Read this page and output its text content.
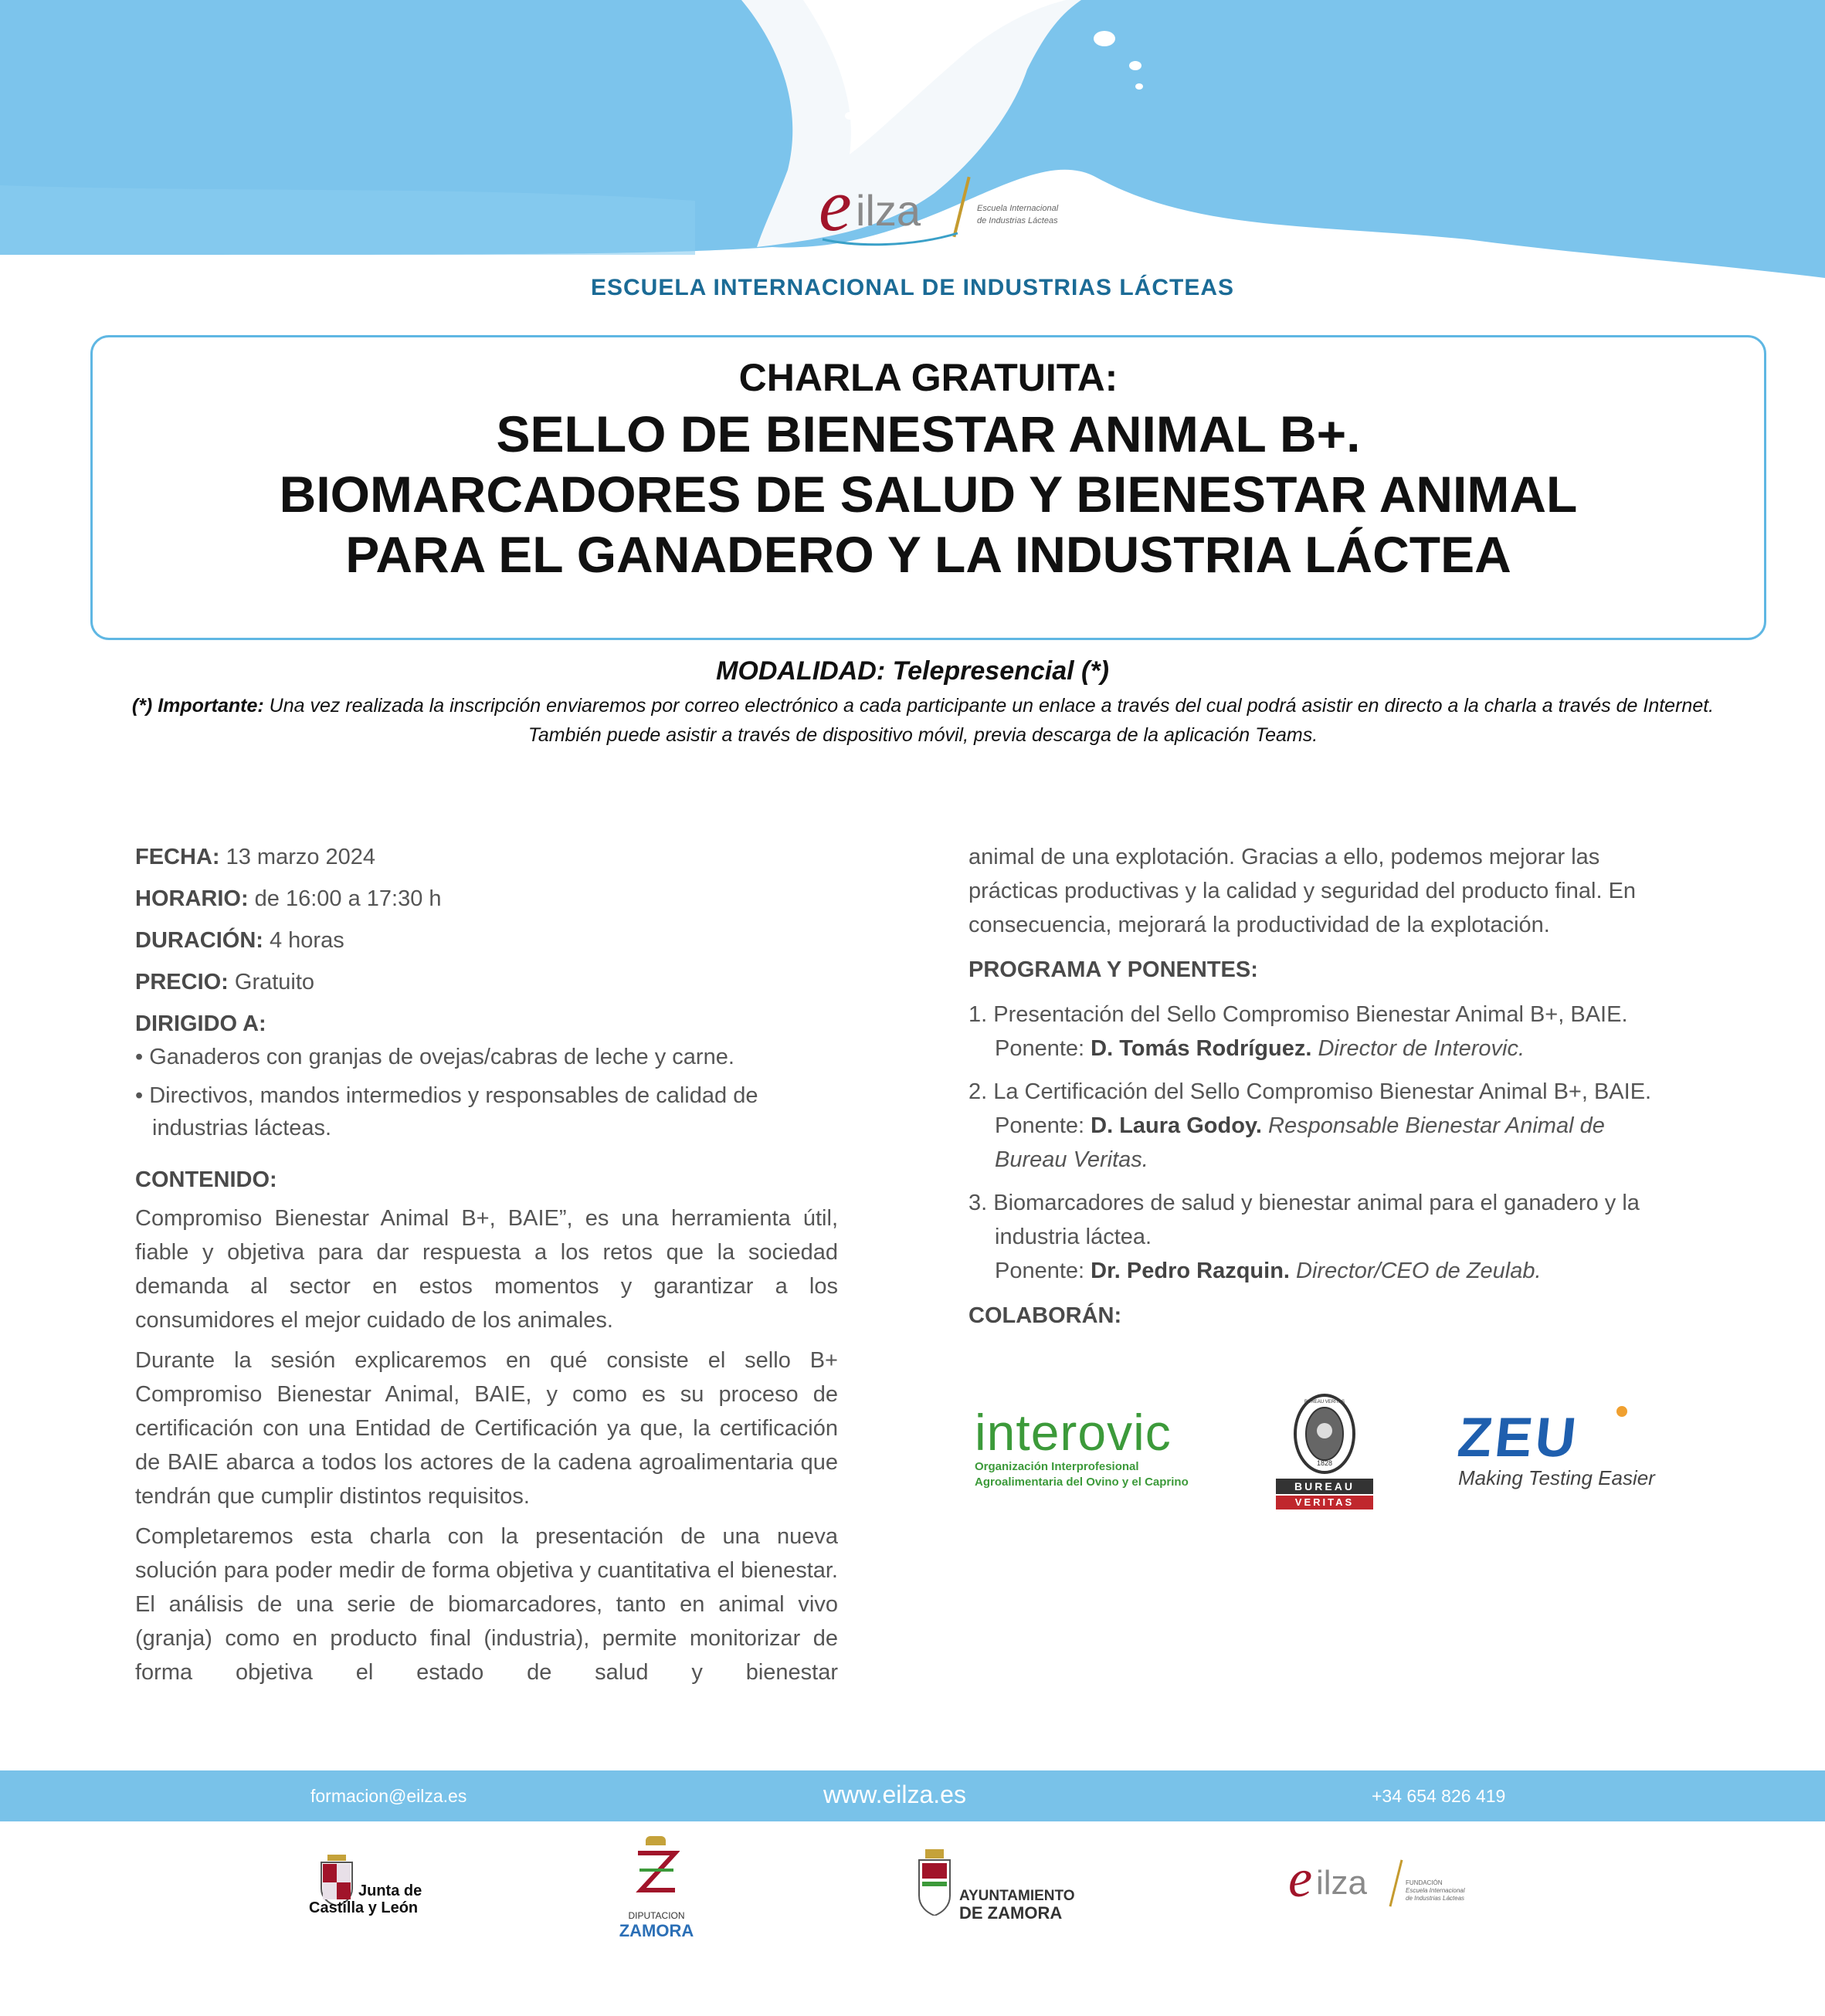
e ilza	Escuela Internacional
de Industrias Lácteas
ESCUELA INTERNACIONAL DE INDUSTRIAS LÁCTEAS
CHARLA GRATUITA:
SELLO DE BIENESTAR ANIMAL B+.
BIOMARCADORES DE SALUD Y BIENESTAR ANIMAL
PARA EL GANADERO Y LA INDUSTRIA LÁCTEA
MODALIDAD: Telepresencial (*)
(*) Importante: Una vez realizada la inscripción enviaremos por correo electrónico a cada participante un enlace a través del cual podrá asistir en directo a la charla a través de Internet. También puede asistir a través de dispositivo móvil, previa descarga de la aplicación Teams.
FECHA: 13 marzo 2024
HORARIO: de 16:00 a 17:30 h
DURACIÓN: 4 horas
PRECIO: Gratuito
DIRIGIDO A:
• Ganaderos con granjas de ovejas/cabras de leche y carne.
• Directivos, mandos intermedios y responsables de calidad de industrias lácteas.
CONTENIDO:
Compromiso Bienestar Animal B+, BAIE”, es una herramienta útil, fiable y objetiva para dar respuesta a los retos que la sociedad demanda al sector en estos momentos y garantizar a los consumidores el mejor cuidado de los animales.
Durante la sesión explicaremos en qué consiste el sello B+ Compromiso Bienestar Animal, BAIE, y como es su proceso de certificación con una Entidad de Certificación ya que, la certificación de BAIE abarca a todos los actores de la cadena agroalimentaria que tendrán que cumplir distintos requisitos.
Completaremos esta charla con la presentación de una nueva solución para poder medir de forma objetiva y cuantitativa el bienestar. El análisis de una serie de biomarcadores, tanto en animal vivo (granja) como en producto final (industria), permite monitorizar de forma objetiva el estado de salud y bienestar
animal de una explotación. Gracias a ello, podemos mejorar las prácticas productivas y la calidad y seguridad del producto final. En consecuencia, mejorará la productividad de la explotación.
PROGRAMA Y PONENTES:
1. Presentación del Sello Compromiso Bienestar Animal B+, BAIE.
Ponente: D. Tomás Rodríguez. Director de Interovic.
2. La Certificación del Sello Compromiso Bienestar Animal B+, BAIE.
Ponente: D. Laura Godoy. Responsable Bienestar Animal de Bureau Veritas.
3. Biomarcadores de salud y bienestar animal para el ganadero y la industria láctea.
Ponente: Dr. Pedro Razquin. Director/CEO de Zeulab.
COLABORÁN:
interovic
Organización Interprofesional
Agroalimentaria del Ovino y el Caprino
BUREAU VERITAS
1828
BUREAU
VERITAS
ZEU
Making Testing Easier
formacion@eilza.es	www.eilza.es	+34 654 826 419
Junta de
Castilla y León	DIPUTACION
ZAMORA
AYUNTAMIENTO
DE ZAMORA
e ilza	FUNDACIÓN
Escuela Internacional
de Industrias Lácteas
